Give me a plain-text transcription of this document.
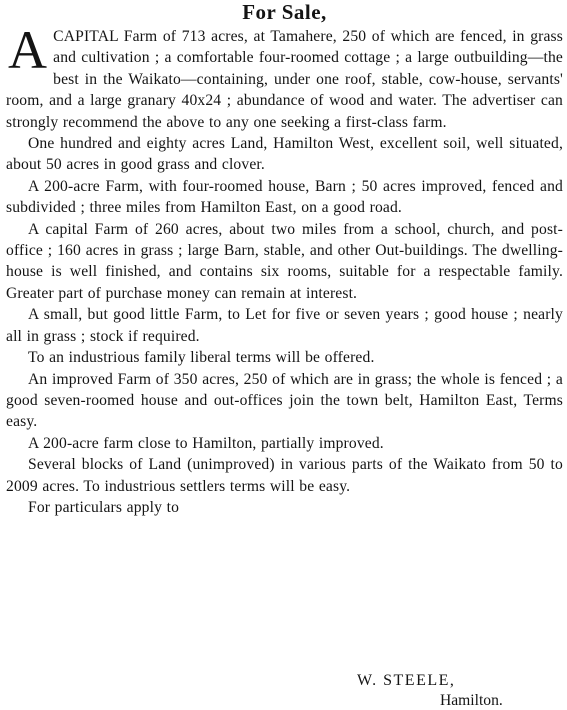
For Sale,

ACAPITAL Farm of 713 acres, at Tamahere, 250 of which are fenced, in grass and cultivation ; a comfortable four-roomed cottage ; a large outbuilding—the best in the Waikato—containing, under one roof, stable, cow-house, servants' room, and a large granary 40x24 ; abundance of wood and water. The advertiser can strongly recommend the above to any one seeking a first-class farm.

One hundred and eighty acres Land, Hamilton West, excellent soil, well situated, about 50 acres in good grass and clover.

A 200-acre Farm, with four-roomed house, Barn ; 50 acres improved, fenced and subdivided ; three miles from Hamilton East, on a good road.

A capital Farm of 260 acres, about two miles from a school, church, and post-office ; 160 acres in grass ; large Barn, stable, and other Out-buildings. The dwelling-house is well finished, and contains six rooms, suitable for a respectable family. Greater part of purchase money can remain at interest.

A small, but good little Farm, to Let for five or seven years ; good house ; nearly all in grass ; stock if required.

To an industrious family liberal terms will be offered.

An improved Farm of 350 acres, 250 of which are in grass; the whole is fenced ; a good seven-roomed house and out-offices join the town belt, Hamilton East, Terms easy.

A 200-acre farm close to Hamilton, partially improved.

Several blocks of Land (unimproved) in various parts of the Waikato from 50 to 2009 acres. To industrious settlers terms will be easy.

For particulars apply to

W. STEELE,
Hamilton.
